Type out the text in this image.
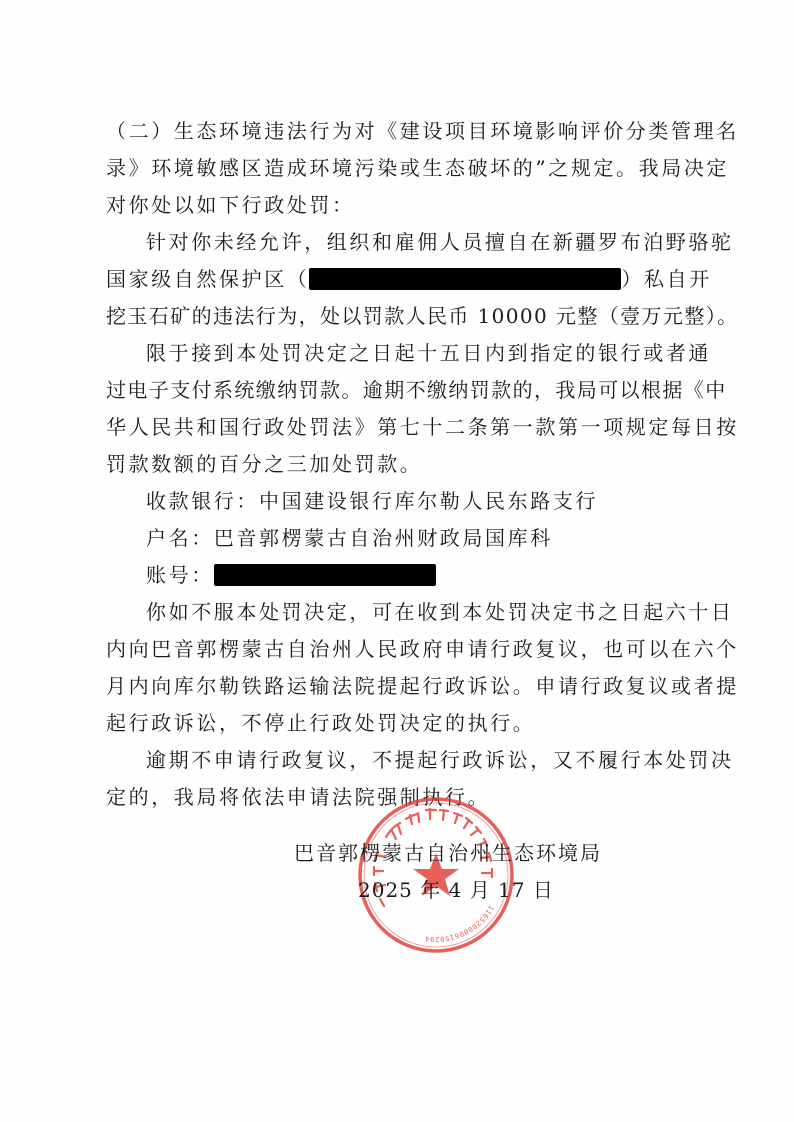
（二）生态环境违法行为对《建设项目环境影响评价分类管理名
录》环境敏感区造成环境污染或生态破坏的”之规定。我局决定
对你处以如下行政处罚：
针对你未经允许，组织和雇佣人员擅自在新疆罗布泊野骆驼
国家级自然保护区（	）私自开
挖玉石矿的违法行为，处以罚款人民币 10000 元整（壹万元整）。
限于接到本处罚决定之日起十五日内到指定的银行或者通
过电子支付系统缴纳罚款。逾期不缴纳罚款的，我局可以根据《中
华人民共和国行政处罚法》第七十二条第一款第一项规定每日按
罚款数额的百分之三加处罚款。
收款银行：中国建设银行库尔勒人民东路支行
户名：巴音郭楞蒙古自治州财政局国库科
账号：
你如不服本处罚决定，可在收到本处罚决定书之日起六十日
内向巴音郭楞蒙古自治州人民政府申请行政复议，也可以在六个
月内向库尔勒铁路运输法院提起行政诉讼。申请行政复议或者提
起行政诉讼，不停止行政处罚决定的执行。
逾期不申请行政复议，不提起行政诉讼，又不履行本处罚决
定的，我局将依法申请法院强制执行。
1165280006150294
巴音郭楞蒙古自治州生态环境局
2025 年 4 月 17 日
